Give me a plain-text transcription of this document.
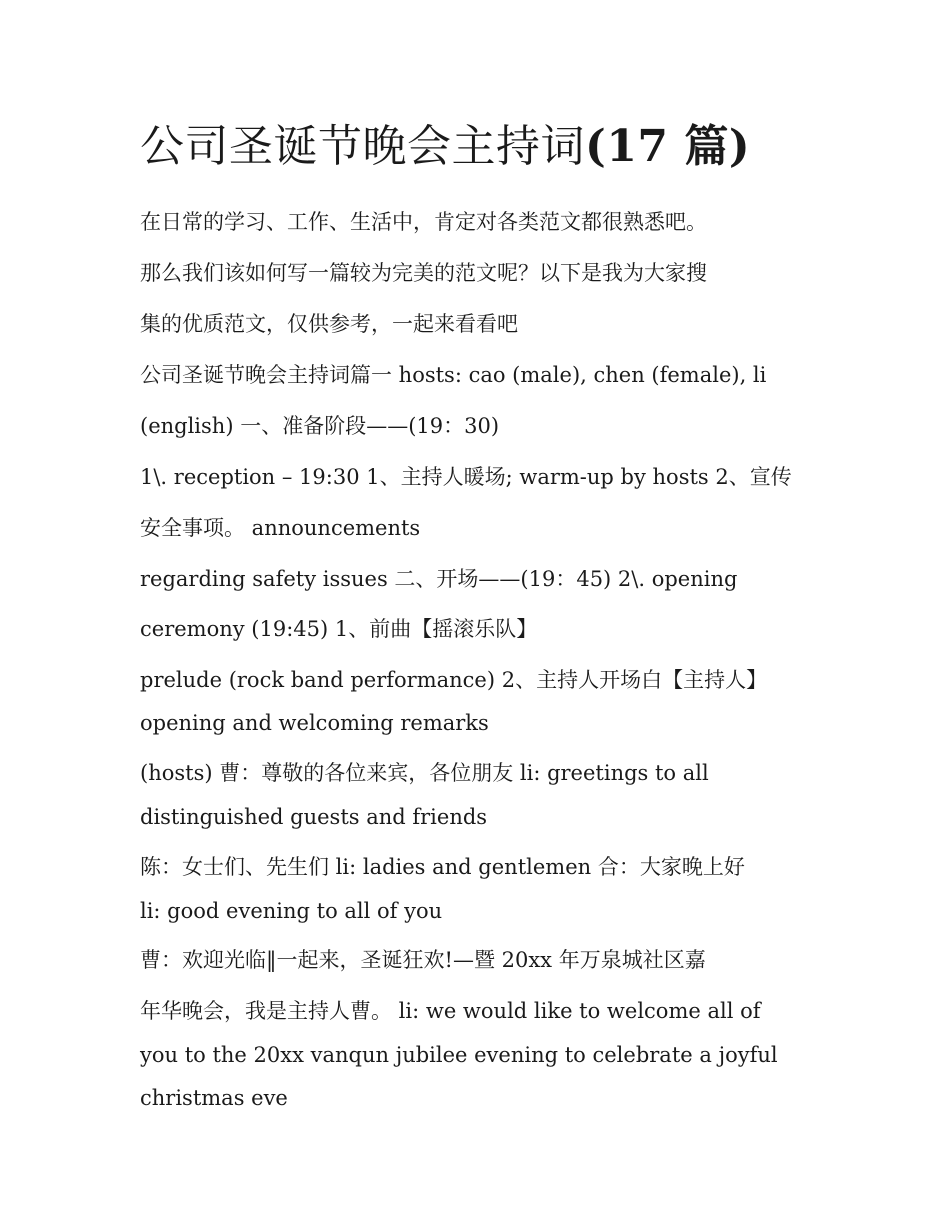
公司圣诞节晚会主持词(17 篇)

在日常的学习、工作、生活中，肯定对各类范文都很熟悉吧。

那么我们该如何写一篇较为完美的范文呢？以下是我为大家搜

集的优质范文，仅供参考，一起来看看吧

公司圣诞节晚会主持词篇一 hosts: cao (male), chen (female), li

(english) 一、准备阶段——(19：30)

1\. reception – 19:30 1、主持人暖场; warm-up by hosts 2、宣传

安全事项。 announcements

regarding safety issues 二、开场——(19：45) 2\. opening

ceremony (19:45) 1、前曲【摇滚乐队】

prelude (rock band performance) 2、主持人开场白【主持人】

opening and welcoming remarks

(hosts) 曹：尊敬的各位来宾，各位朋友 li: greetings to all

distinguished guests and friends

陈：女士们、先生们 li: ladies and gentlemen 合：大家晚上好

li: good evening to all of you

曹：欢迎光临‖一起来，圣诞狂欢!—暨 20xx 年万泉城社区嘉

年华晚会，我是主持人曹。 li: we would like to welcome all of

you to the 20xx vanqun jubilee evening to celebrate a joyful

christmas eve
